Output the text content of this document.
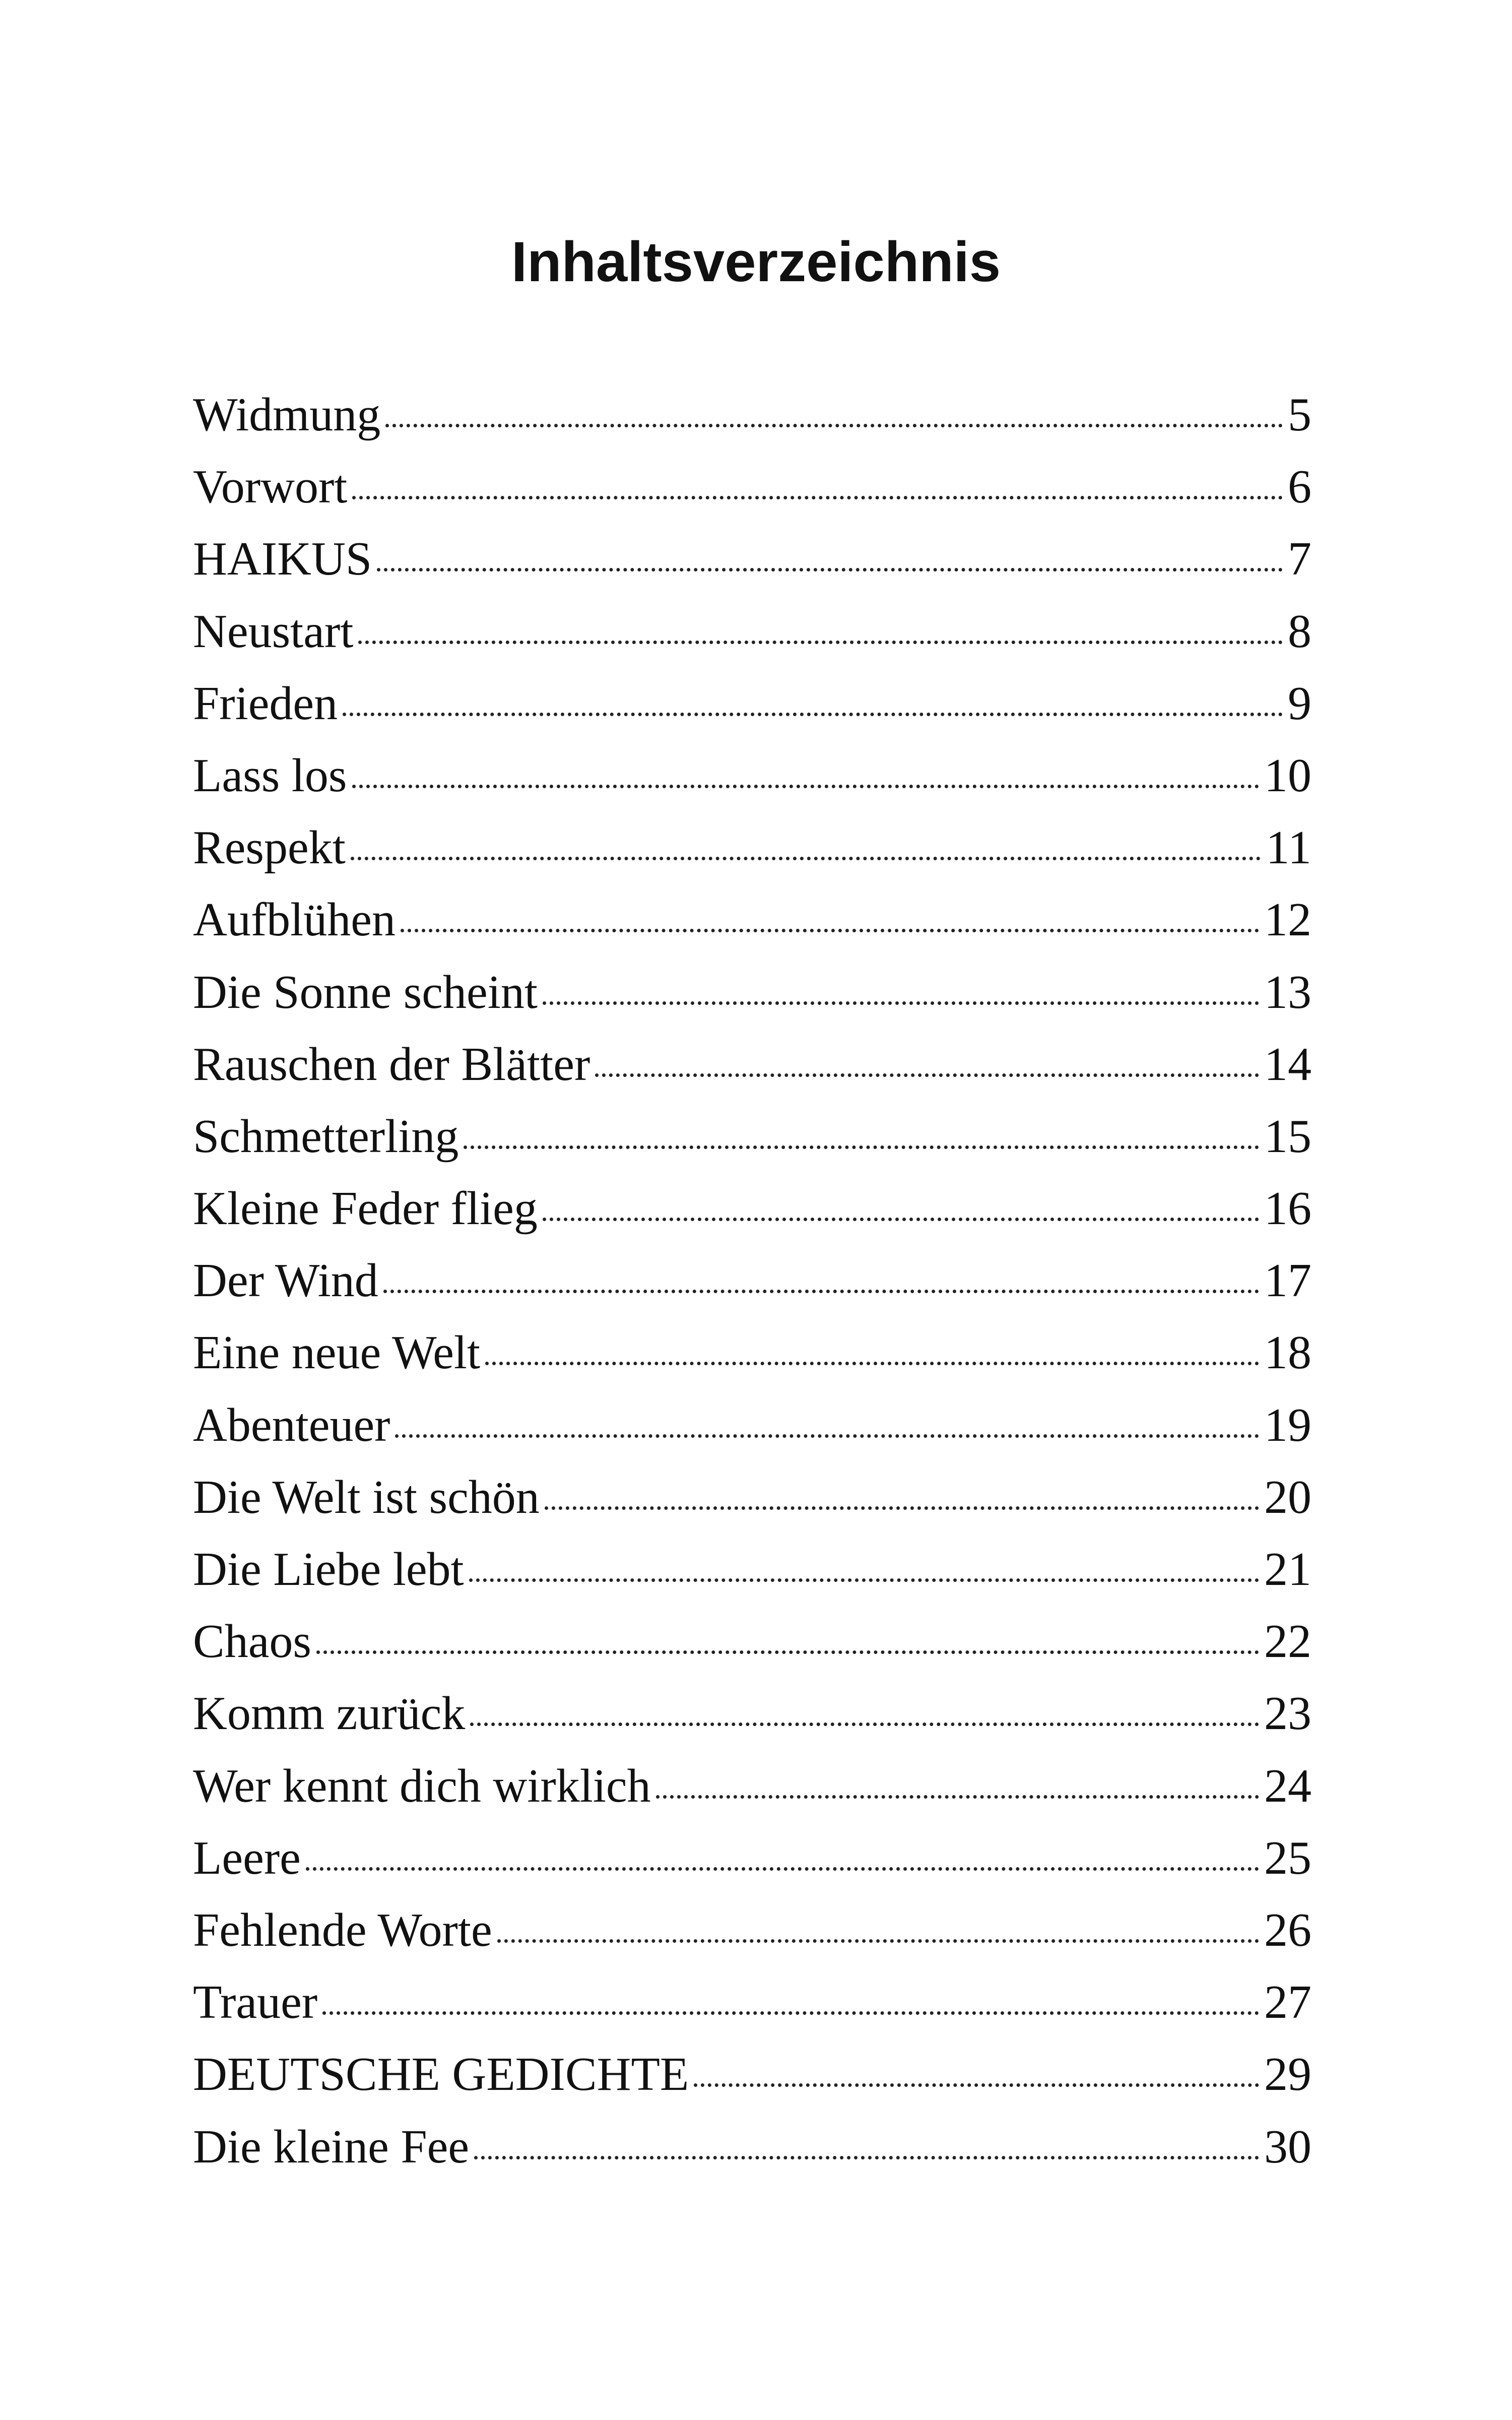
Inhaltsverzeichnis
Widmung	5
Vorwort	6
HAIKUS	7
Neustart	8
Frieden	9
Lass los	10
Respekt	11
Aufblühen	12
Die Sonne scheint	13
Rauschen der Blätter	14
Schmetterling	15
Kleine Feder flieg	16
Der Wind	17
Eine neue Welt	18
Abenteuer	19
Die Welt ist schön	20
Die Liebe lebt	21
Chaos	22
Komm zurück	23
Wer kennt dich wirklich	24
Leere	25
Fehlende Worte	26
Trauer	27
DEUTSCHE GEDICHTE	29
Die kleine Fee	30
